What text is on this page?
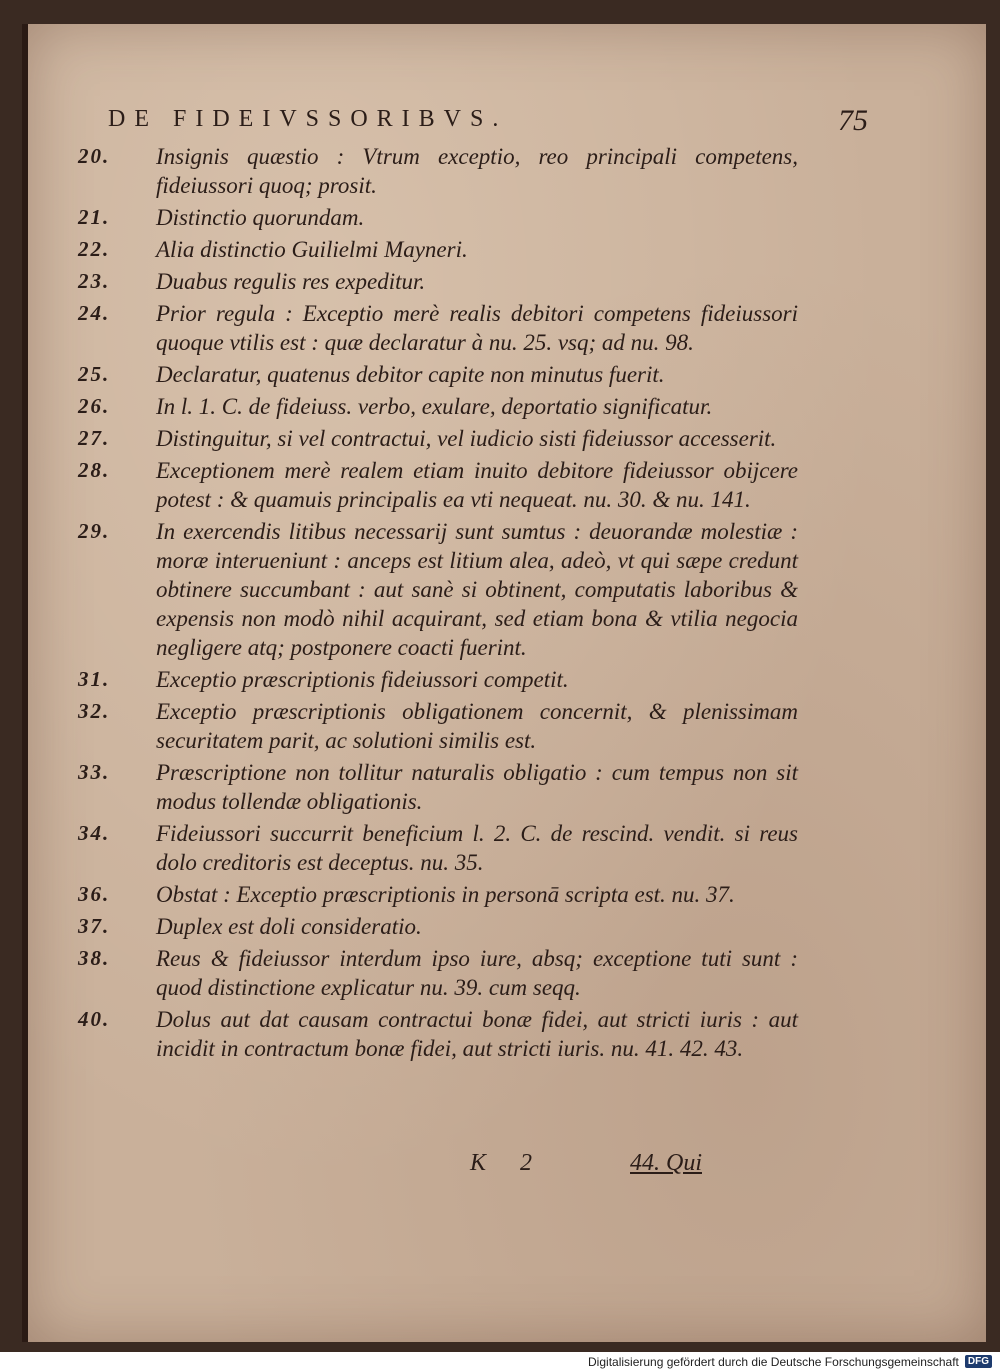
DE FIDEIVSSORIBVS.	75
20.	Insignis quæstio : Vtrum exceptio, reo principali competens, fideiussori quoq; prosit.
21.	Distinctio quorundam.
22.	Alia distinctio Guilielmi Mayneri.
23.	Duabus regulis res expeditur.
24.	Prior regula : Exceptio merè realis debitori competens fideiussori quoque vtilis est : quæ declaratur à nu. 25. vsq; ad nu. 98.
25.	Declaratur, quatenus debitor capite non minutus fuerit.
26.	In l. 1. C. de fideiuss. verbo, exulare, deportatio significatur.
27.	Distinguitur, si vel contractui, vel iudicio sisti fideiussor accesserit.
28.	Exceptionem merè realem etiam inuito debitore fideiussor obijcere potest : & quamuis principalis ea vti nequeat. nu. 30. & nu. 141.
29.	In exercendis litibus necessarij sunt sumtus : deuorandæ molestiæ : moræ interueniunt : anceps est litium alea, adeò, vt qui sæpe credunt obtinere succumbant : aut sanè si obtinent, computatis laboribus & expensis non modò nihil acquirant, sed etiam bona & vtilia negocia negligere atq; postponere coacti fuerint.
31.	Exceptio præscriptionis fideiussori competit.
32.	Exceptio præscriptionis obligationem concernit, & plenissimam securitatem parit, ac solutioni similis est.
33.	Præscriptione non tollitur naturalis obligatio : cum tempus non sit modus tollendæ obligationis.
34.	Fideiussori succurrit beneficium l. 2. C. de rescind. vendit. si reus dolo creditoris est deceptus. nu. 35.
36.	Obstat : Exceptio præscriptionis in personā scripta est. nu. 37.
37.	Duplex est doli consideratio.
38.	Reus & fideiussor interdum ipso iure, absq; exceptione tuti sunt : quod distinctione explicatur nu. 39. cum seqq.
40.	Dolus aut dat causam contractui bonæ fidei, aut stricti iuris : aut incidit in contractum bonæ fidei, aut stricti iuris. nu. 41. 42. 43.
K 2	44. Qui
Digitalisierung gefördert durch die Deutsche Forschungsgemeinschaft DFG
